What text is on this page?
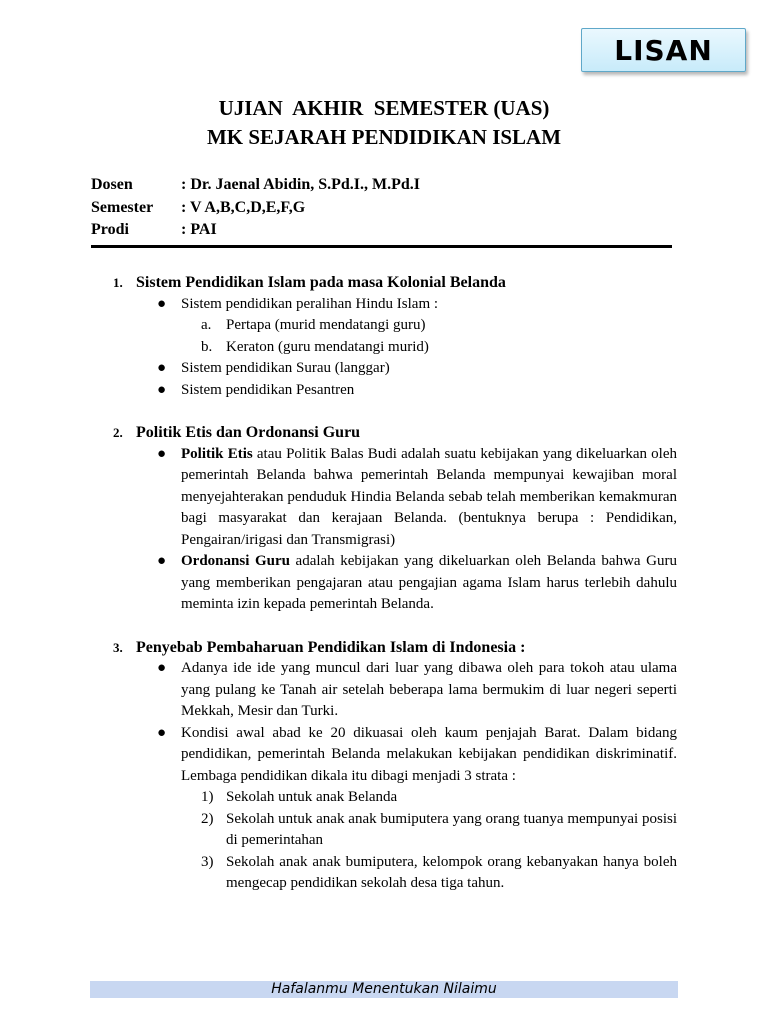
LISAN
UJIAN  AKHIR  SEMESTER (UAS)
MK SEJARAH PENDIDIKAN ISLAM
Dosen	: Dr. Jaenal Abidin, S.Pd.I., M.Pd.I
Semester	: V A,B,C,D,E,F,G
Prodi	: PAI
1. Sistem Pendidikan Islam pada masa Kolonial Belanda
● Sistem pendidikan peralihan Hindu Islam :
a. Pertapa (murid mendatangi guru)
b. Keraton (guru mendatangi murid)
● Sistem pendidikan Surau (langgar)
● Sistem pendidikan Pesantren
2. Politik Etis dan Ordonansi Guru
● Politik Etis atau Politik Balas Budi adalah suatu kebijakan yang dikeluarkan oleh pemerintah Belanda bahwa pemerintah Belanda mempunyai kewajiban moral menyejahterakan penduduk Hindia Belanda sebab telah memberikan kemakmuran bagi masyarakat dan kerajaan Belanda. (bentuknya berupa : Pendidikan, Pengairan/irigasi dan Transmigrasi)
● Ordonansi Guru adalah kebijakan yang dikeluarkan oleh Belanda bahwa Guru yang memberikan pengajaran atau pengajian agama Islam harus terlebih dahulu meminta izin kepada pemerintah Belanda.
3. Penyebab Pembaharuan Pendidikan Islam di Indonesia :
● Adanya ide ide yang muncul dari luar yang dibawa oleh para tokoh atau ulama yang pulang ke Tanah air setelah beberapa lama bermukim di luar negeri seperti Mekkah, Mesir dan Turki.
● Kondisi awal abad ke 20 dikuasai oleh kaum penjajah Barat. Dalam bidang pendidikan, pemerintah Belanda melakukan kebijakan pendidikan diskriminatif. Lembaga pendidikan dikala itu dibagi menjadi 3 strata :
1) Sekolah untuk anak Belanda
2) Sekolah untuk anak anak bumiputera yang orang tuanya mempunyai posisi di pemerintahan
3) Sekolah anak anak bumiputera, kelompok orang kebanyakan hanya boleh mengecap pendidikan sekolah desa tiga tahun.
Hafalanmu Menentukan Nilaimu
